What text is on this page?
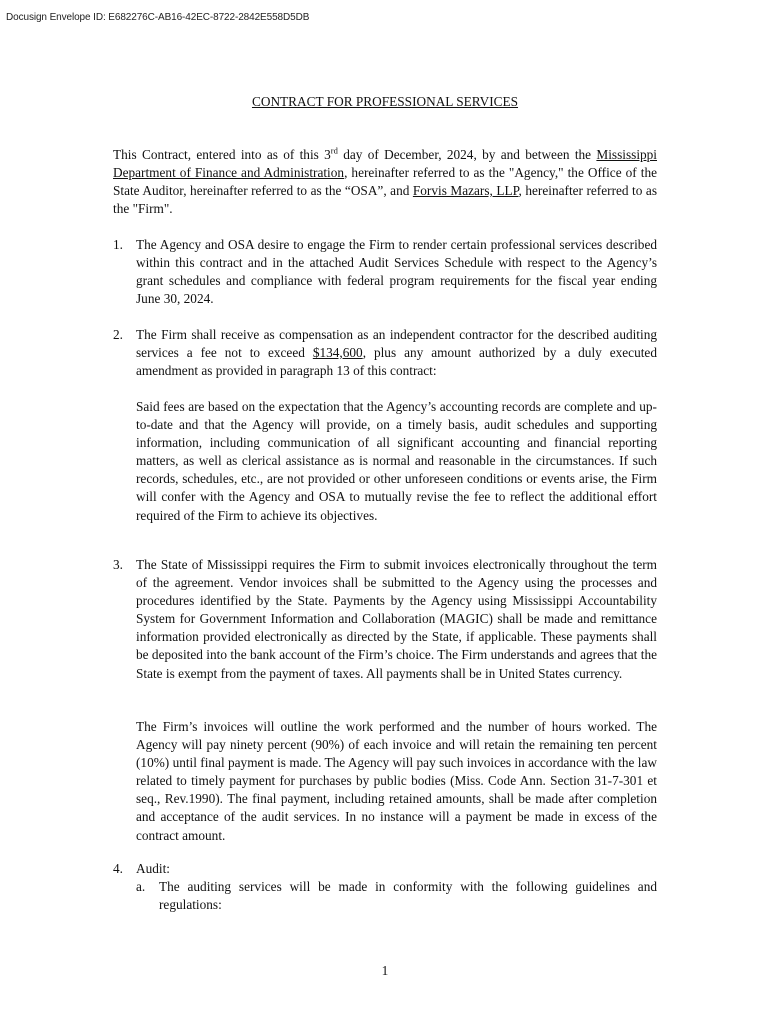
Docusign Envelope ID: E682276C-AB16-42EC-8722-2842E558D5DB
CONTRACT FOR PROFESSIONAL SERVICES
This Contract, entered into as of this 3rd day of December, 2024, by and between the Mississippi Department of Finance and Administration, hereinafter referred to as the "Agency," the Office of the State Auditor, hereinafter referred to as the “OSA”, and Forvis Mazars, LLP, hereinafter referred to as the "Firm".
1. The Agency and OSA desire to engage the Firm to render certain professional services described within this contract and in the attached Audit Services Schedule with respect to the Agency’s grant schedules and compliance with federal program requirements for the fiscal year ending June 30, 2024.
2. The Firm shall receive as compensation as an independent contractor for the described auditing services a fee not to exceed $134,600, plus any amount authorized by a duly executed amendment as provided in paragraph 13 of this contract:
Said fees are based on the expectation that the Agency’s accounting records are complete and up-to-date and that the Agency will provide, on a timely basis, audit schedules and supporting information, including communication of all significant accounting and financial reporting matters, as well as clerical assistance as is normal and reasonable in the circumstances. If such records, schedules, etc., are not provided or other unforeseen conditions or events arise, the Firm will confer with the Agency and OSA to mutually revise the fee to reflect the additional effort required of the Firm to achieve its objectives.
3. The State of Mississippi requires the Firm to submit invoices electronically throughout the term of the agreement. Vendor invoices shall be submitted to the Agency using the processes and procedures identified by the State. Payments by the Agency using Mississippi Accountability System for Government Information and Collaboration (MAGIC) shall be made and remittance information provided electronically as directed by the State, if applicable. These payments shall be deposited into the bank account of the Firm’s choice. The Firm understands and agrees that the State is exempt from the payment of taxes. All payments shall be in United States currency.
The Firm’s invoices will outline the work performed and the number of hours worked. The Agency will pay ninety percent (90%) of each invoice and will retain the remaining ten percent (10%) until final payment is made. The Agency will pay such invoices in accordance with the law related to timely payment for purchases by public bodies (Miss. Code Ann. Section 31-7-301 et seq., Rev.1990). The final payment, including retained amounts, shall be made after completion and acceptance of the audit services. In no instance will a payment be made in excess of the contract amount.
4. Audit:
a. The auditing services will be made in conformity with the following guidelines and regulations:
1
